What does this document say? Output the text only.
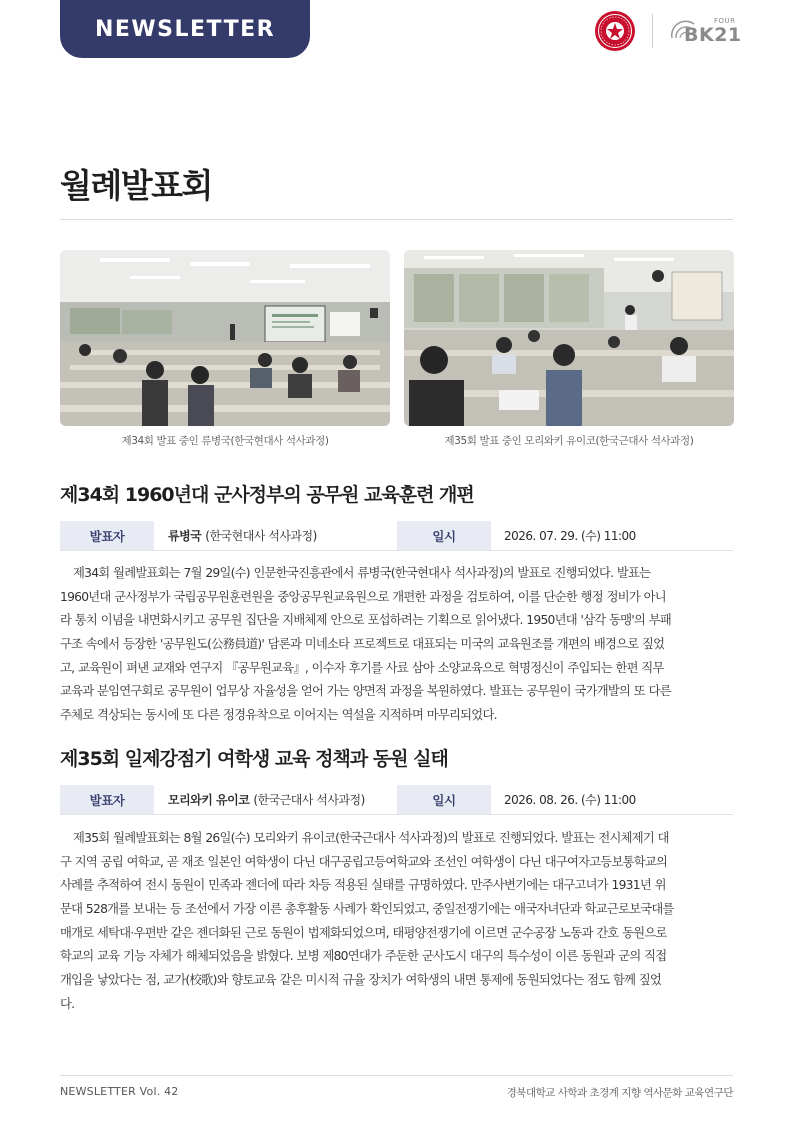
NEWSLETTER	FOUR
BK21
월례발표회
제34회 발표 중인 류병국(한국현대사 석사과정)	제35회 발표 중인 모리와키 유이코(한국근대사 석사과정)
제34회 1960년대 군사정부의 공무원 교육훈련 개편
발표자	류병국 (한국현대사 석사과정)	일시	2026. 07. 29. (수) 11:00
제34회 월례발표회는 7월 29일(수) 인문한국진흥관에서 류병국(한국현대사 석사과정)의 발표로 진행되었다. 발표는
1960년대 군사정부가 국립공무원훈련원을 중앙공무원교육원으로 개편한 과정을 검토하여, 이를 단순한 행정 정비가 아니
라 통치 이념을 내면화시키고 공무원 집단을 지배체제 안으로 포섭하려는 기획으로 읽어냈다. 1950년대 '삼각 동맹'의 부패
구조 속에서 등장한 '공무원도(公務員道)' 담론과 미네소타 프로젝트로 대표되는 미국의 교육원조를 개편의 배경으로 짚었
고, 교육원이 펴낸 교재와 연구지 『공무원교육』, 이수자 후기를 사료 삼아 소양교육으로 혁명정신이 주입되는 한편 직무
교육과 분임연구회로 공무원이 업무상 자율성을 얻어 가는 양면적 과정을 복원하였다. 발표는 공무원이 국가개발의 또 다른
주체로 격상되는 동시에 또 다른 정경유착으로 이어지는 역설을 지적하며 마무리되었다.
제35회 일제강점기 여학생 교육 정책과 동원 실태
발표자	모리와키 유이코 (한국근대사 석사과정)	일시	2026. 08. 26. (수) 11:00
제35회 월례발표회는 8월 26일(수) 모리와키 유이코(한국근대사 석사과정)의 발표로 진행되었다. 발표는 전시체제기 대
구 지역 공립 여학교, 곧 재조 일본인 여학생이 다닌 대구공립고등여학교와 조선인 여학생이 다닌 대구여자고등보통학교의
사례를 추적하여 전시 동원이 민족과 젠더에 따라 차등 적용된 실태를 규명하였다. 만주사변기에는 대구고녀가 1931년 위
문대 528개를 보내는 등 조선에서 가장 이른 총후활동 사례가 확인되었고, 중일전쟁기에는 애국자녀단과 학교근로보국대를
매개로 세탁대·우편반 같은 젠더화된 근로 동원이 법제화되었으며, 태평양전쟁기에 이르면 군수공장 노동과 간호 동원으로
학교의 교육 기능 자체가 해체되었음을 밝혔다. 보병 제80연대가 주둔한 군사도시 대구의 특수성이 이른 동원과 군의 직접
개입을 낳았다는 점, 교가(校歌)와 향토교육 같은 미시적 규율 장치가 여학생의 내면 통제에 동원되었다는 점도 함께 짚었
다.
NEWSLETTER Vol. 42	경북대학교 사학과 초경계 지향 역사문화 교육연구단
